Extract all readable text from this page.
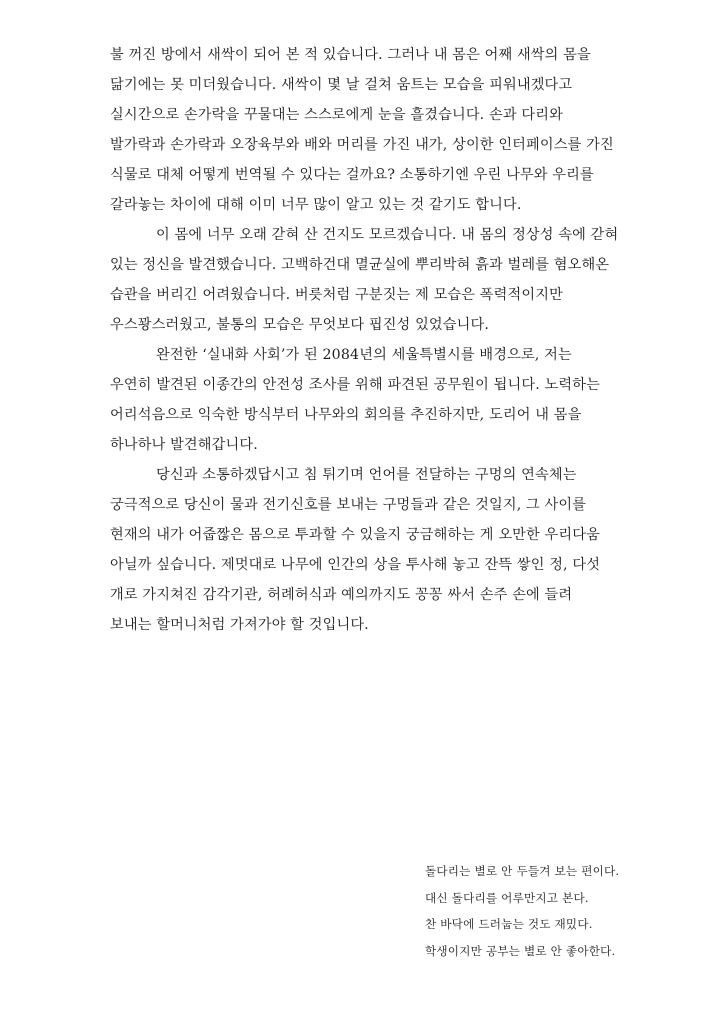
불 꺼진 방에서 새싹이 되어 본 적 있습니다. 그러나 내 몸은 어째 새싹의 몸을
닮기에는 못 미더웠습니다. 새싹이 몇 날 걸쳐 움트는 모습을 피워내겠다고
실시간으로 손가락을 꾸물대는 스스로에게 눈을 흘겼습니다. 손과 다리와
발가락과 손가락과 오장육부와 배와 머리를 가진 내가, 상이한 인터페이스를 가진
식물로 대체 어떻게 번역될 수 있다는 걸까요? 소통하기엔 우린 나무와 우리를
갈라놓는 차이에 대해 이미 너무 많이 알고 있는 것 같기도 합니다.
이 몸에 너무 오래 갇혀 산 건지도 모르겠습니다. 내 몸의 정상성 속에 갇혀
있는 정신을 발견했습니다. 고백하건대 멸균실에 뿌리박혀 흙과 벌레를 혐오해온
습관을 버리긴 어려웠습니다. 버릇처럼 구분짓는 제 모습은 폭력적이지만
우스꽝스러웠고, 불통의 모습은 무엇보다 핍진성 있었습니다.
완전한 ‘실내화 사회’가 된 2084년의 세울특별시를 배경으로, 저는
우연히 발견된 이종간의 안전성 조사를 위해 파견된 공무원이 됩니다. 노력하는
어리석음으로 익숙한 방식부터 나무와의 회의를 추진하지만, 도리어 내 몸을
하나하나 발견해갑니다.
당신과 소통하겠답시고 침 튀기며 언어를 전달하는 구멍의 연속체는
궁극적으로 당신이 물과 전기신호를 보내는 구멍들과 같은 것일지, 그 사이를
현재의 내가 어줍짢은 몸으로 투과할 수 있을지 궁금해하는 게 오만한 우리다움
아닐까 싶습니다. 제멋대로 나무에 인간의 상을 투사해 놓고 잔뜩 쌓인 정, 다섯
개로 가지쳐진 감각기관, 허례허식과 예의까지도 꽁꽁 싸서 손주 손에 들려
보내는 할머니처럼 가져가야 할 것입니다.
돌다리는 별로 안 두들겨 보는 편이다.
대신 돌다리를 어루만지고 본다.
찬 바닥에 드러눕는 것도 재밌다.
학생이지만 공부는 별로 안 좋아한다.
